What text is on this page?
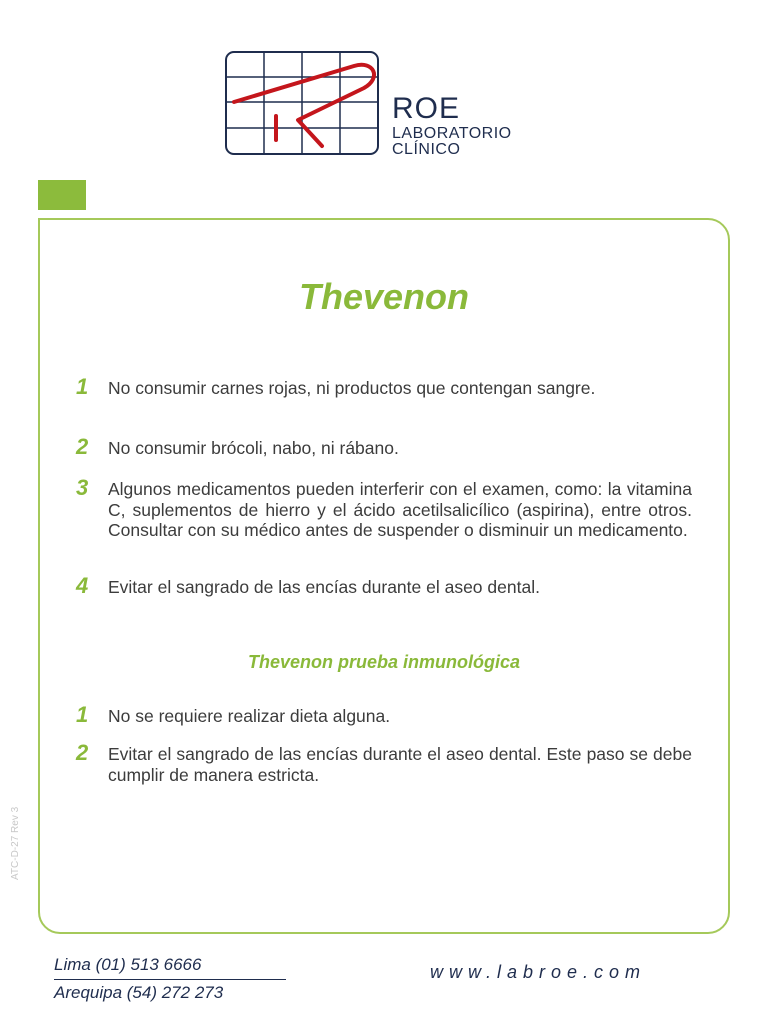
ROE
LABORATORIO
CLÍNICO
Thevenon
1	No consumir carnes rojas, ni productos que contengan sangre.
2	No consumir brócoli, nabo, ni rábano.
3	Algunos medicamentos pueden interferir con el examen, como: la vitamina C, suplementos de hierro y el ácido acetilsalicílico (aspirina), entre otros. Consultar con su médico antes de suspender o disminuir un medicamento.
4	Evitar el sangrado de las encías durante el aseo dental.
Thevenon prueba inmunológica
1	No se requiere realizar dieta alguna.
2	Evitar el sangrado de las encías durante el aseo dental. Este paso se debe cumplir de manera estricta.
ATC-D-27 Rev 3
Lima (01) 513 6666
Arequipa (54) 272 273
www.labroe.com
